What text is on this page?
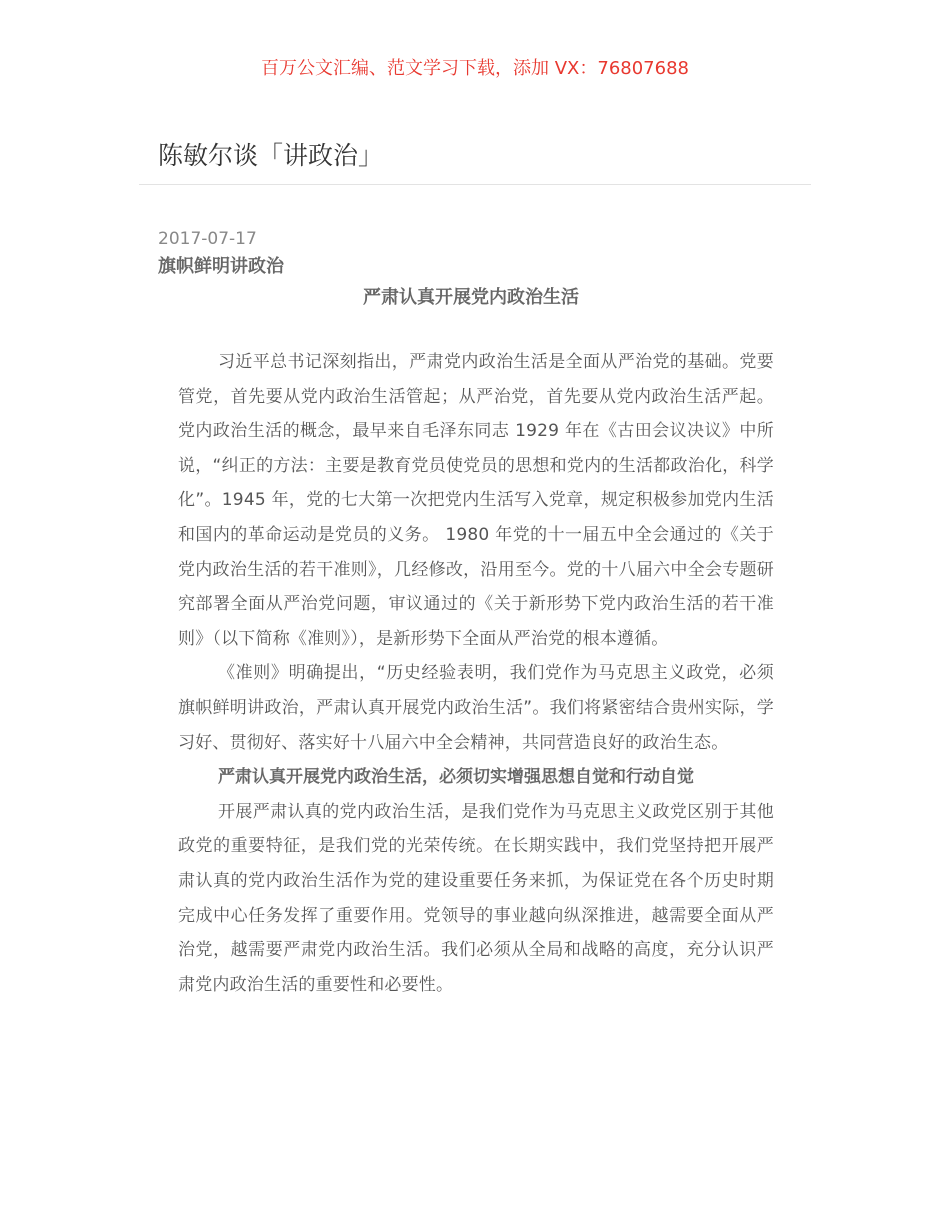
百万公文汇编、范文学习下载，添加 VX：76807688
陈敏尔谈「讲政治」
2017-07-17
旗帜鲜明讲政治
严肃认真开展党内政治生活

习近平总书记深刻指出，严肃党内政治生活是全面从严治党的基础。党要管党，首先要从党内政治生活管起；从严治党，首先要从党内政治生活严起。党内政治生活的概念，最早来自毛泽东同志 1929 年在《古田会议决议》中所说，“纠正的方法：主要是教育党员使党员的思想和党内的生活都政治化，科学化”。1945 年，党的七大第一次把党内生活写入党章，规定积极参加党内生活和国内的革命运动是党员的义务。 1980 年党的十一届五中全会通过的《关于党内政治生活的若干准则》，几经修改，沿用至今。党的十八届六中全会专题研究部署全面从严治党问题，审议通过的《关于新形势下党内政治生活的若干准则》（以下简称《准则》），是新形势下全面从严治党的根本遵循。

《准则》明确提出，“历史经验表明，我们党作为马克思主义政党，必须旗帜鲜明讲政治，严肃认真开展党内政治生活”。我们将紧密结合贵州实际，学习好、贯彻好、落实好十八届六中全会精神，共同营造良好的政治生态。

严肃认真开展党内政治生活，必须切实增强思想自觉和行动自觉

开展严肃认真的党内政治生活，是我们党作为马克思主义政党区别于其他政党的重要特征，是我们党的光荣传统。在长期实践中，我们党坚持把开展严肃认真的党内政治生活作为党的建设重要任务来抓，为保证党在各个历史时期完成中心任务发挥了重要作用。党领导的事业越向纵深推进，越需要全面从严治党，越需要严肃党内政治生活。我们必须从全局和战略的高度，充分认识严肃党内政治生活的重要性和必要性。
